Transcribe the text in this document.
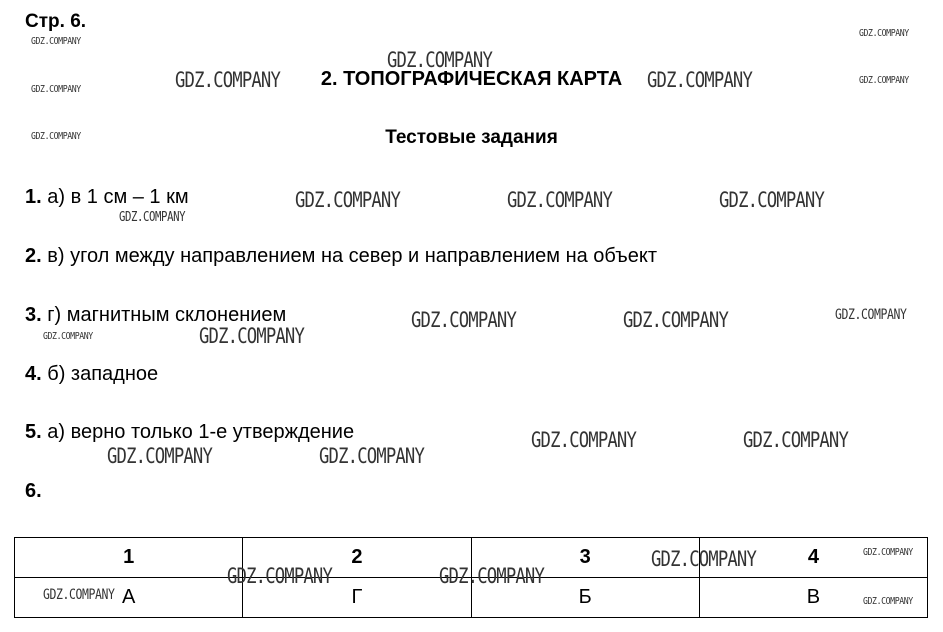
Стр. 6.
2. ТОПОГРАФИЧЕСКАЯ КАРТА
Тестовые задания
1. а) в 1 см – 1 км
2. в) угол между направлением на север и направлением на объект
3. г) магнитным склонением
4. б) западное
5. а) верно только 1-е утверждение
6.
1	2	3	4
А	Г	Б	В
GDZ.COMPANY
GDZ.COMPANY
GDZ.COMPANY
GDZ.COMPANY
GDZ.COMPANY
GDZ.COMPANY
GDZ.COMPANY	GDZ.COMPANY
GDZ.COMPANY	GDZ.COMPANY	GDZ.COMPANY
GDZ.COMPANY
GDZ.COMPANY	GDZ.COMPANY	GDZ.COMPANY
GDZ.COMPANY	GDZ.COMPANY
GDZ.COMPANY	GDZ.COMPANY
GDZ.COMPANY	GDZ.COMPANY
GDZ.COMPANY	GDZ.COMPANY
GDZ.COMPANY	GDZ.COMPANY
GDZ.COMPANY	GDZ.COMPANY
